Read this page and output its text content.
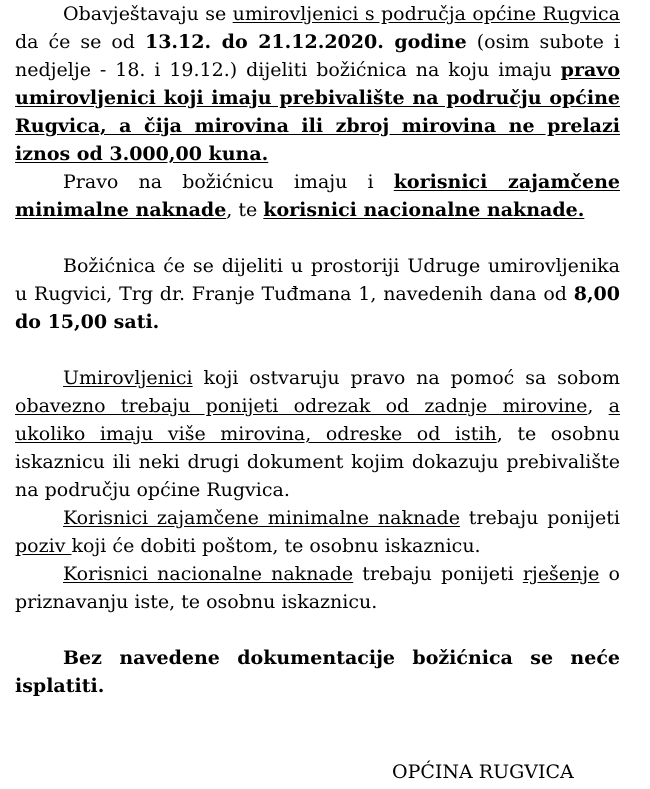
Obavještavaju se umirovljenici s područja općine Rugvica da će se od 13.12. do 21.12.2020. godine (osim subote i nedjelje - 18. i 19.12.) dijeliti božićnica na koju imaju pravo umirovljenici koji imaju prebivalište na području općine Rugvica, a čija mirovina ili zbroj mirovina ne prelazi iznos od 3.000,00 kuna.

Pravo na božićnicu imaju i korisnici zajamčene minimalne naknade, te korisnici nacionalne naknade.

Božićnica će se dijeliti u prostoriji Udruge umirovljenika u Rugvici, Trg dr. Franje Tuđmana 1, navedenih dana od 8,00 do 15,00 sati.

Umirovljenici koji ostvaruju pravo na pomoć sa sobom obavezno trebaju ponijeti odrezak od zadnje mirovine, a ukoliko imaju više mirovina, odreske od istih, te osobnu iskaznicu ili neki drugi dokument kojim dokazuju prebivalište na području općine Rugvica.

Korisnici zajamčene minimalne naknade trebaju ponijeti poziv koji će dobiti poštom, te osobnu iskaznicu.

Korisnici nacionalne naknade trebaju ponijeti rješenje o priznavanju iste, te osobnu iskaznicu.

Bez navedene dokumentacije božićnica se neće isplatiti.

OPĆINA RUGVICA
